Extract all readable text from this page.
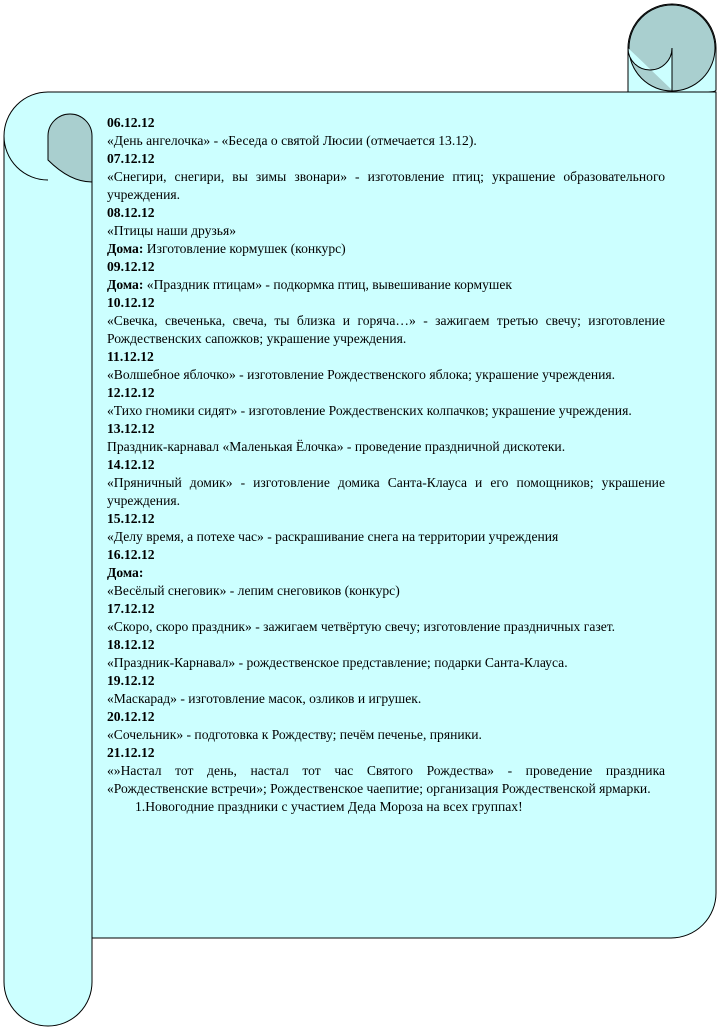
06.12.12
«День ангелочка» - «Беседа о святой Люсии (отмечается 13.12).
07.12.12
«Снегири, снегири, вы зимы звонари» - изготовление птиц; украшение образовательного учреждения.
08.12.12
«Птицы наши друзья»
Дома: Изготовление кормушек (конкурс)
09.12.12
Дома: «Праздник птицам» - подкормка птиц, вывешивание кормушек
10.12.12
«Свечка, свеченька, свеча, ты близка и горяча…» - зажигаем третью свечу; изготовление Рождественских сапожков; украшение учреждения.
11.12.12
«Волшебное яблочко» - изготовление Рождественского яблока; украшение учреждения.
12.12.12
«Тихо гномики сидят» - изготовление Рождественских колпачков; украшение учреждения.
13.12.12
Праздник-карнавал «Маленькая Ёлочка» - проведение праздничной дискотеки.
14.12.12
«Пряничный домик» - изготовление домика Санта-Клауса и его помощников; украшение учреждения.
15.12.12
«Делу время, а потехе час» - раскрашивание снега на территории учреждения
16.12.12
Дома:
«Весёлый снеговик» - лепим снеговиков (конкурс)
17.12.12
«Скоро, скоро праздник» - зажигаем четвёртую свечу; изготовление праздничных газет.
18.12.12
«Праздник-Карнавал» - рождественское представление; подарки Санта-Клауса.
19.12.12
«Маскарад» - изготовление масок, озликов и игрушек.
20.12.12
«Сочельник» - подготовка к Рождеству; печём печенье, пряники.
21.12.12
«»Настал тот день, настал тот час Святого Рождества» - проведение праздника «Рождественские встречи»; Рождественское чаепитие; организация Рождественской ярмарки.
1.Новогодние праздники с участием Деда Мороза на всех группах!
